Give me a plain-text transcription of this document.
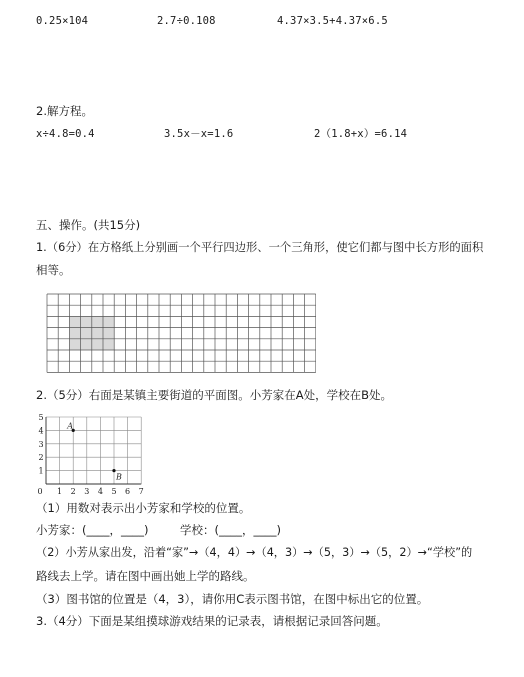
0.25×104	2.7÷0.108	4.37×3.5+4.37×6.5
2.解方程。
x÷4.8=0.4	3.5x－x=1.6	2（1.8+x）=6.14
五、操作。(共15分)
1.（6分）在方格纸上分别画一个平行四边形、一个三角形，使它们都与图中长方形的面积
相等。
2.（5分）右面是某镇主要街道的平面图。小芳家在A处，学校在B处。
0 1 2 3 4 5 6 7
1
2
3
4
5
A
B
（1）用数对表示出小芳家和学校的位置。
小芳家：(____，____)	学校：(____，____)
（2）小芳从家出发，沿着“家”→（4，4）→（4，3）→（5，3）→（5，2）→“学校”的
路线去上学。请在图中画出她上学的路线。
（3）图书馆的位置是（4，3），请你用C表示图书馆，在图中标出它的位置。
3.（4分）下面是某组摸球游戏结果的记录表，请根据记录回答问题。
